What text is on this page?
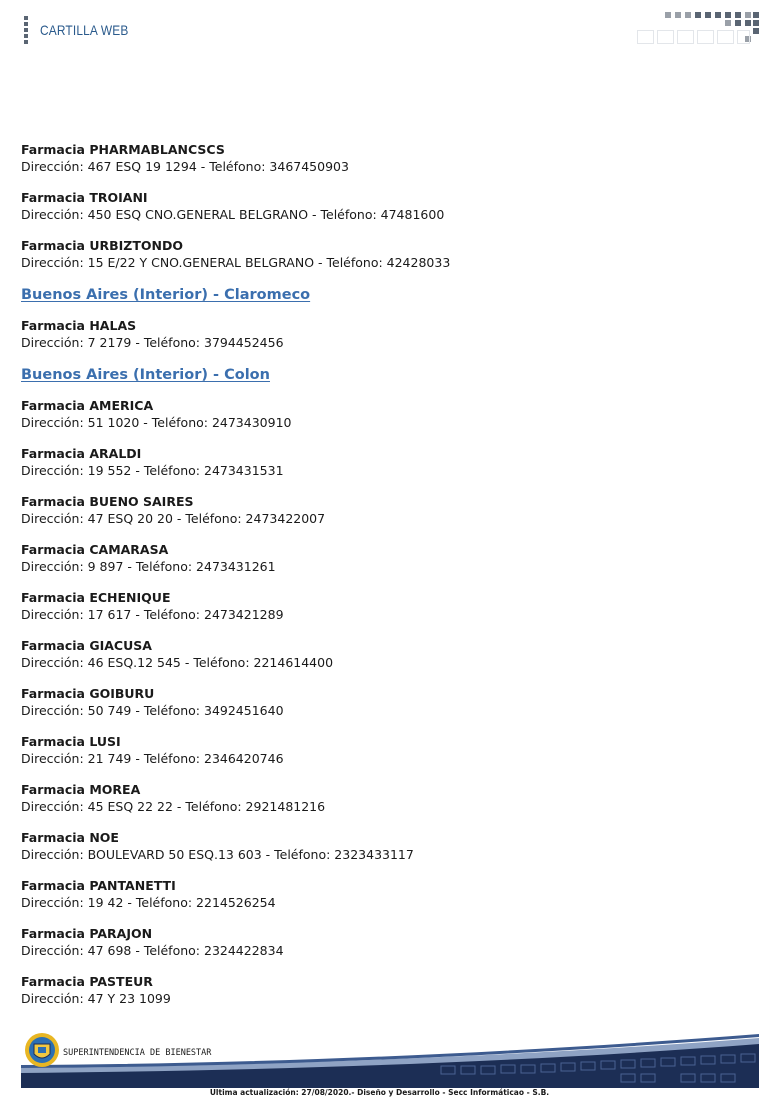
CARTILLA WEB
Farmacia PHARMABLANCSCS
Dirección: 467 ESQ 19 1294 - Teléfono: 3467450903
Farmacia TROIANI
Dirección: 450 ESQ CNO.GENERAL BELGRANO - Teléfono: 47481600
Farmacia URBIZTONDO
Dirección: 15 E/22 Y CNO.GENERAL BELGRANO - Teléfono: 42428033
Buenos Aires (Interior) - Claromeco
Farmacia HALAS
Dirección: 7 2179 - Teléfono: 3794452456
Buenos Aires (Interior) - Colon
Farmacia AMERICA
Dirección: 51 1020 - Teléfono: 2473430910
Farmacia ARALDI
Dirección: 19 552 - Teléfono: 2473431531
Farmacia BUENO SAIRES
Dirección: 47 ESQ 20 20 - Teléfono: 2473422007
Farmacia CAMARASA
Dirección: 9 897 - Teléfono: 2473431261
Farmacia ECHENIQUE
Dirección: 17 617 - Teléfono: 2473421289
Farmacia GIACUSA
Dirección: 46 ESQ.12 545 - Teléfono: 2214614400
Farmacia GOIBURU
Dirección: 50 749 - Teléfono: 3492451640
Farmacia LUSI
Dirección: 21 749 - Teléfono: 2346420746
Farmacia MOREA
Dirección: 45 ESQ 22 22 - Teléfono: 2921481216
Farmacia NOE
Dirección: BOULEVARD 50 ESQ.13 603 - Teléfono: 2323433117
Farmacia PANTANETTI
Dirección: 19 42 - Teléfono: 2214526254
Farmacia PARAJON
Dirección: 47 698 - Teléfono: 2324422834
Farmacia PASTEUR
Dirección: 47 Y 23 1099
SUPERINTENDENCIA DE BIENESTAR
Ultima actualización: 27/08/2020.- Diseño y Desarrollo - Secc Informáticao - S.B.
